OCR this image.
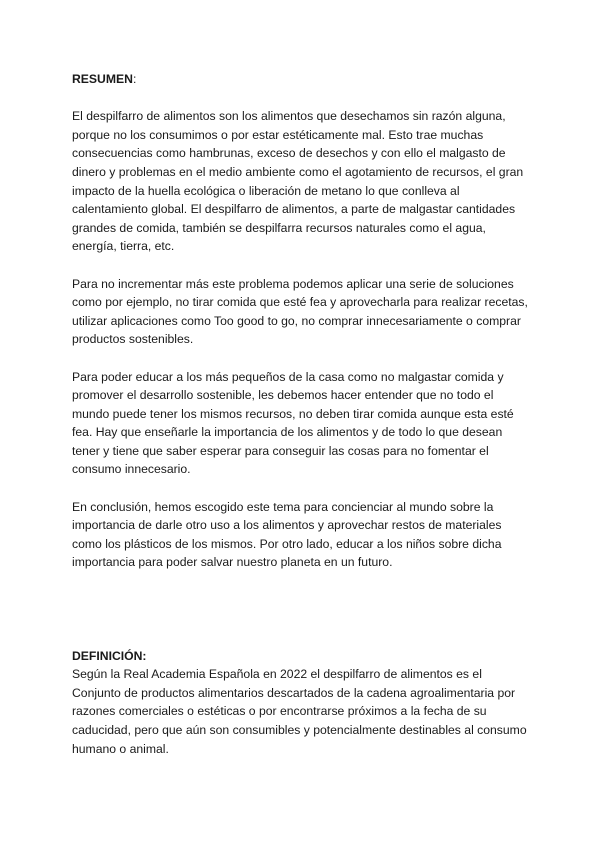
RESUMEN:

El despilfarro de alimentos son los alimentos que desechamos sin razón alguna, porque no los consumimos o por estar estéticamente mal. Esto trae muchas consecuencias como hambrunas, exceso de desechos y con ello el malgasto de dinero y problemas en el medio ambiente como el agotamiento de recursos, el gran impacto de la huella ecológica o liberación de metano lo que conlleva al calentamiento global. El despilfarro de alimentos, a parte de malgastar cantidades grandes de comida, también se despilfarra recursos naturales como el agua, energía, tierra, etc.

Para no incrementar más este problema podemos aplicar una serie de soluciones como por ejemplo, no tirar comida que esté fea y aprovecharla para realizar recetas, utilizar aplicaciones como Too good to go, no comprar innecesariamente o comprar productos sostenibles.

Para poder educar a los más pequeños de la casa como no malgastar comida y promover el desarrollo sostenible, les debemos hacer entender que no todo el mundo puede tener los mismos recursos, no deben tirar comida aunque esta esté fea. Hay que enseñarle la importancia de los alimentos y de todo lo que desean tener y tiene que saber esperar para conseguir las cosas para no fomentar el consumo innecesario.

En conclusión, hemos escogido este tema para concienciar al mundo sobre la importancia de darle otro uso a los alimentos y aprovechar restos de materiales como los plásticos de los mismos. Por otro lado, educar a los niños sobre dicha importancia para poder salvar nuestro planeta en un futuro.

DEFINICIÓN:

Según la Real Academia Española en 2022 el despilfarro de alimentos es el Conjunto de productos alimentarios descartados de la cadena agroalimentaria por razones comerciales o estéticas o por encontrarse próximos a la fecha de su caducidad, pero que aún son consumibles y potencialmente destinables al consumo humano o animal.
